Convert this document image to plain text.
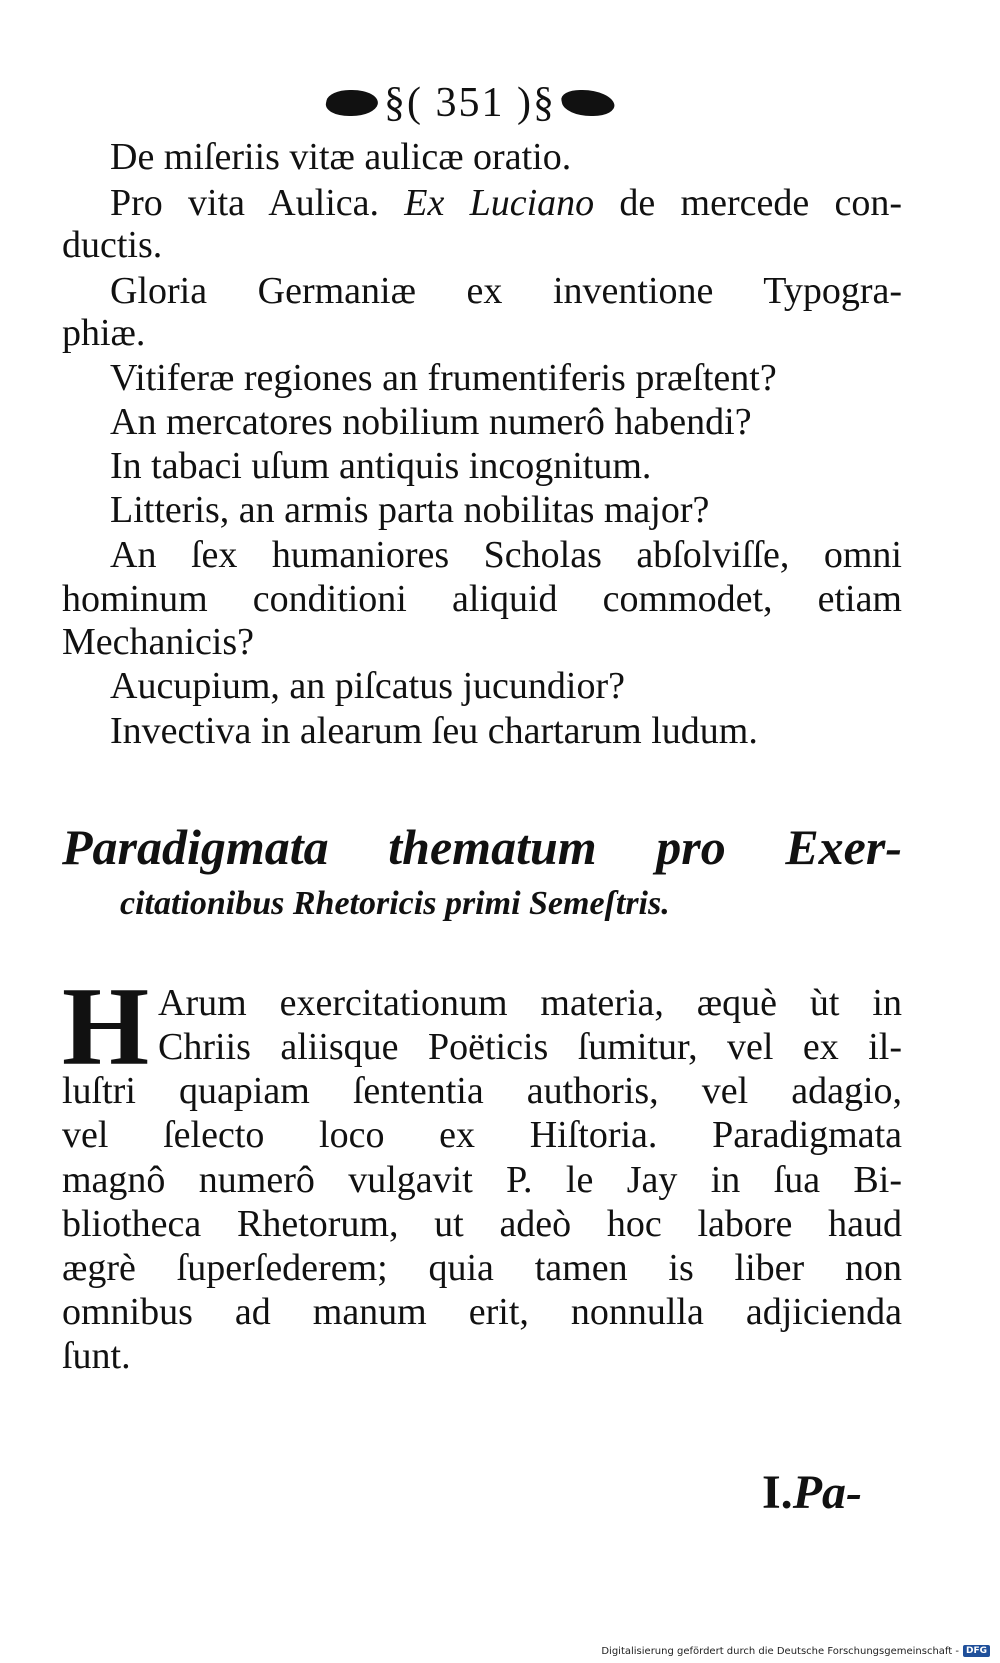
§( 351 )§
De miſeriis vitæ aulicæ oratio.
Pro vita Aulica. Ex Luciano de mercede con-
ductis.
Gloria Germaniæ ex inventione Typogra-
phiæ.
Vitiferæ regiones an frumentiferis præſtent?
An mercatores nobilium numerô habendi?
In tabaci uſum antiquis incognitum.
Litteris, an armis parta nobilitas major?
An ſex humaniores Scholas abſolviſſe, omni
hominum conditioni aliquid commodet, etiam
Mechanicis?
Aucupium, an piſcatus jucundior?
Invectiva in alearum ſeu chartarum ludum.
Paradigmata thematum pro Exer-
citationibus Rhetoricis primi Semeſtris.
H Arum exercitationum materia, æquè ùt in
Chriis aliisque Poëticis ſumitur, vel ex il-
luſtri quapiam ſententia authoris, vel adagio,
vel ſelecto loco ex Hiſtoria. Paradigmata
magnô numerô vulgavit P. le Jay in ſua Bi-
bliotheca Rhetorum, ut adeò hoc labore haud
ægrè ſuperſederem; quia tamen is liber non
omnibus ad manum erit, nonnulla adjicienda
ſunt.
I.Pa-
Digitalisierung gefördert durch die Deutsche Forschungsgemeinschaft - DFG
